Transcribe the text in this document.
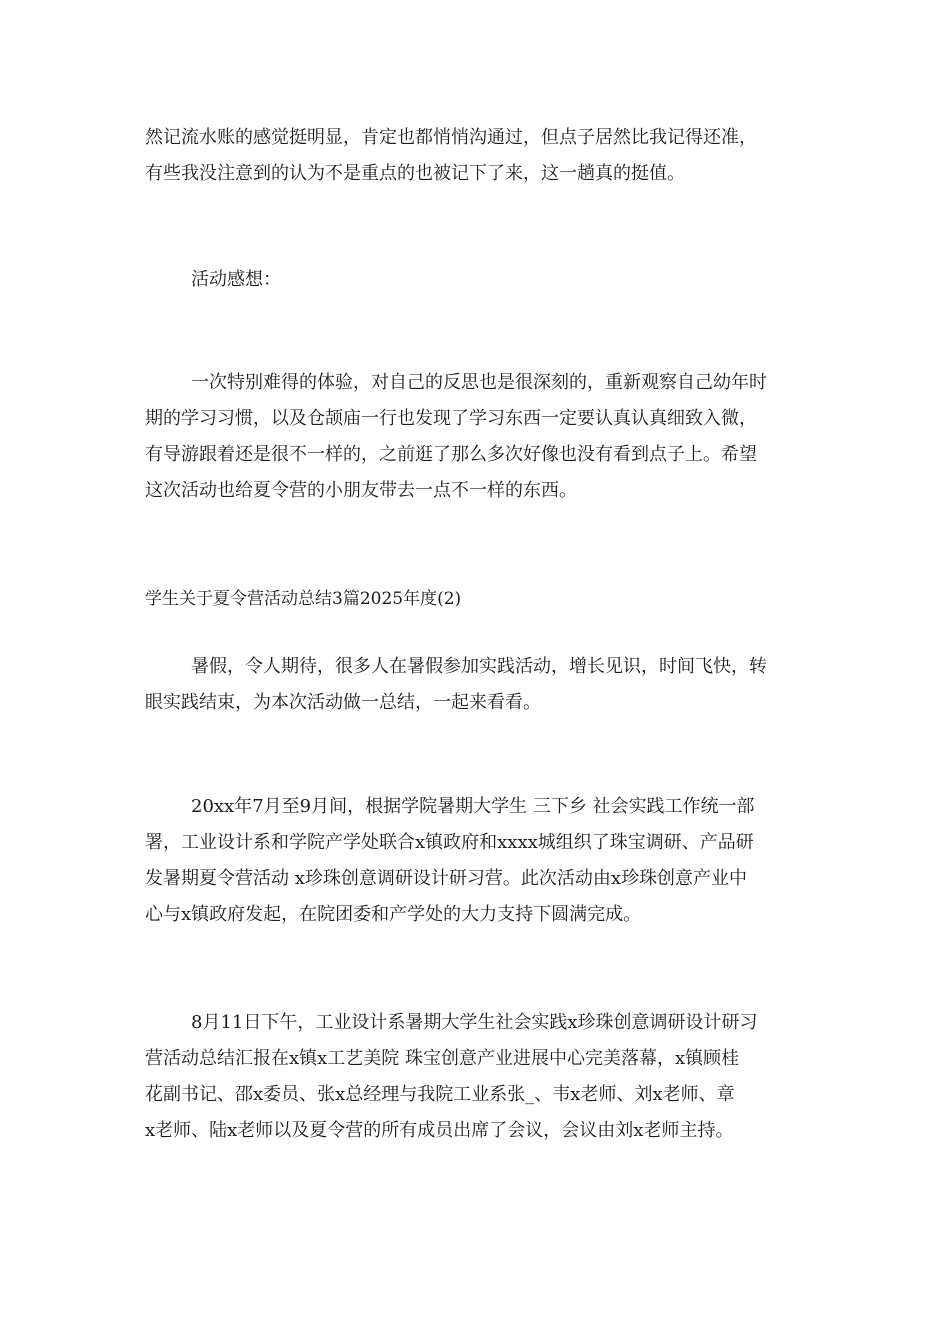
然记流水账的感觉挺明显，肯定也都悄悄沟通过，但点子居然比我记得还准，
有些我没注意到的认为不是重点的也被记下了来，这一趟真的挺值。
活动感想：
一次特别难得的体验，对自己的反思也是很深刻的，重新观察自己幼年时
期的学习习惯，以及仓颉庙一行也发现了学习东西一定要认真认真细致入微，
有导游跟着还是很不一样的，之前逛了那么多次好像也没有看到点子上。希望
这次活动也给夏令营的小朋友带去一点不一样的东西。
学生关于夏令营活动总结3篇2025年度(2)
暑假，令人期待，很多人在暑假参加实践活动，增长见识，时间飞快，转
眼实践结束，为本次活动做一总结，一起来看看。
20xx年7月至9月间，根据学院暑期大学生 三下乡 社会实践工作统一部
署，工业设计系和学院产学处联合x镇政府和xxxx城组织了珠宝调研、产品研
发暑期夏令营活动 x珍珠创意调研设计研习营。此次活动由x珍珠创意产业中
心与x镇政府发起，在院团委和产学处的大力支持下圆满完成。
8月11日下午，工业设计系暑期大学生社会实践x珍珠创意调研设计研习
营活动总结汇报在x镇x工艺美院 珠宝创意产业进展中心完美落幕，x镇顾桂
花副书记、邵x委员、张x总经理与我院工业系张_、韦x老师、刘x老师、章
x老师、陆x老师以及夏令营的所有成员出席了会议，会议由刘x老师主持。
